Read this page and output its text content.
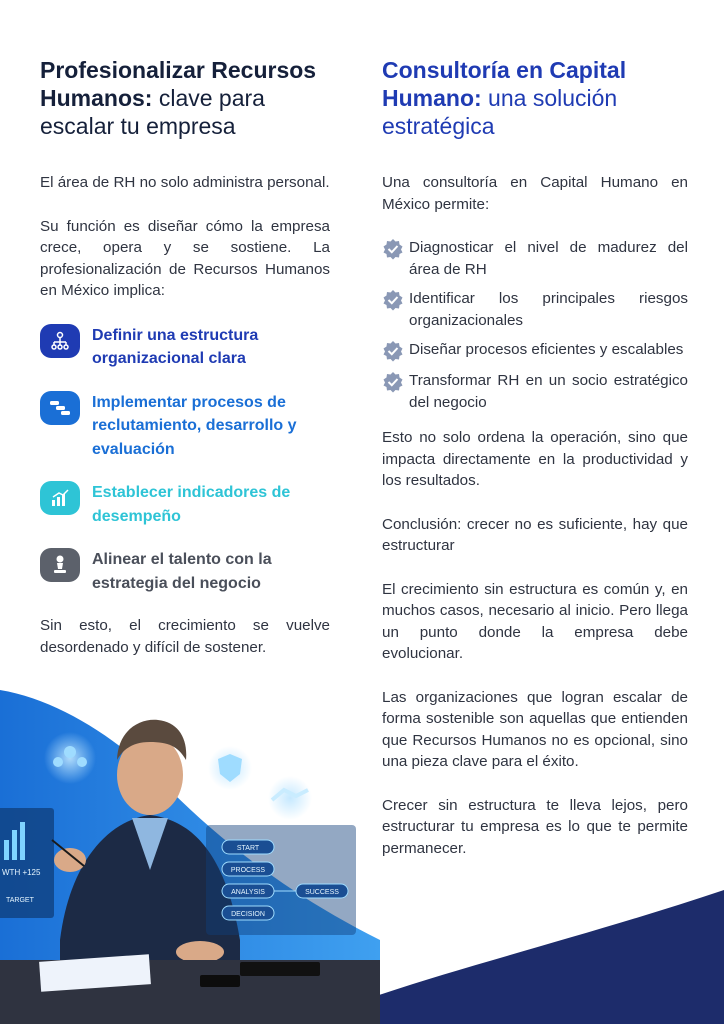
Profesionalizar Recursos Humanos: clave para escalar tu empresa

El área de RH no solo administra personal.

Su función es diseñar cómo la empresa crece, opera y se sostiene. La profesionalización de Recursos Humanos en México implica:

Definir una estructura organizacional clara
Implementar procesos de reclutamiento, desarrollo y evaluación
Establecer indicadores de desempeño
Alinear el talento con la estrategia del negocio

Sin esto, el crecimiento se vuelve desordenado y difícil de sostener.

Consultoría en Capital Humano: una solución estratégica

Una consultoría en Capital Humano en México permite:

Diagnosticar el nivel de madurez del área de RH
Identificar los principales riesgos organizacionales
Diseñar procesos eficientes y escalables
Transformar RH en un socio estratégico del negocio

Esto no solo ordena la operación, sino que impacta directamente en la productividad y los resultados.

Conclusión: crecer no es suficiente, hay que estructurar

El crecimiento sin estructura es común y, en muchos casos, necesario al inicio. Pero llega un punto donde la empresa debe evolucionar.

Las organizaciones que logran escalar de forma sostenible son aquellas que entienden que Recursos Humanos no es opcional, sino una pieza clave para el éxito.

Crecer sin estructura te lleva lejos, pero estructurar tu empresa es lo que te permite permanecer.

WTH +125
TARGET
START
PROCESS
ANALYSIS
DECISION
SUCCESS
